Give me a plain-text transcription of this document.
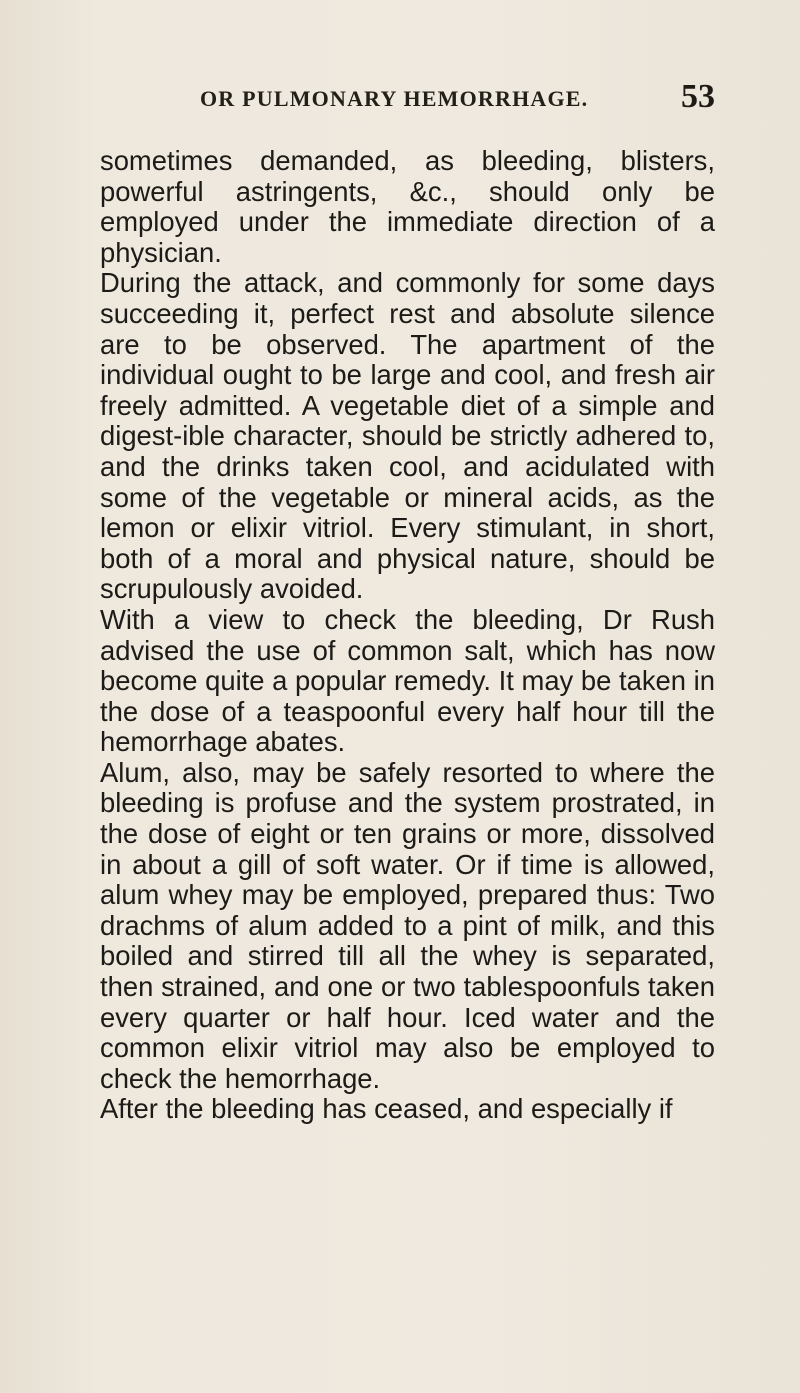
OR PULMONARY HEMORRHAGE.	53

sometimes demanded, as bleeding, blisters, powerful astringents, &c., should only be employed under the immediate direction of a physician.

During the attack, and commonly for some days succeeding it, perfect rest and absolute silence are to be observed. The apartment of the individual ought to be large and cool, and fresh air freely admitted. A vegetable diet of a simple and digest-ible character, should be strictly adhered to, and the drinks taken cool, and acidulated with some of the vegetable or mineral acids, as the lemon or elixir vitriol. Every stimulant, in short, both of a moral and physical nature, should be scrupulously avoided.

With a view to check the bleeding, Dr Rush advised the use of common salt, which has now become quite a popular remedy. It may be taken in the dose of a teaspoonful every half hour till the hemorrhage abates.

Alum, also, may be safely resorted to where the bleeding is profuse and the system prostrated, in the dose of eight or ten grains or more, dissolved in about a gill of soft water. Or if time is allowed, alum whey may be employed, prepared thus: Two drachms of alum added to a pint of milk, and this boiled and stirred till all the whey is separated, then strained, and one or two tablespoonfuls taken every quarter or half hour. Iced water and the common elixir vitriol may also be employed to check the hemorrhage.

After the bleeding has ceased, and especially if
